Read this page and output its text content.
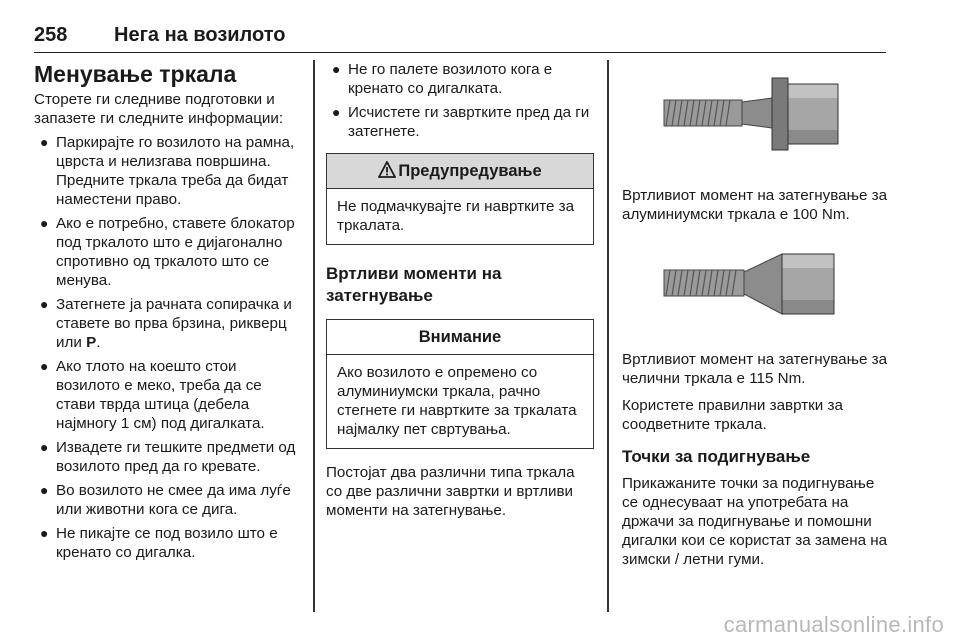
258 Нега на возилото
Менување тркала

Сторете ги следниве подготовки и запазете ги следните информации:

● Паркирајте го возилото на рамна, цврста и нелизгава површина. Предните тркала треба да бидат наместени право.
● Ако е потребно, ставете блокатор под тркалото што е дијагонално спротивно од тркалото што се менува.
● Затегнете ја рачната сопирачка и ставете во прва брзина, рикверц или P.
● Ако тлото на коешто стои возилото е меко, треба да се стави тврда штица (дебела најмногу 1 см) под дигалката.
● Извадете ги тешките предмети од возилото пред да го кревате.
● Во возилото не смее да има луѓе или животни кога се дига.
● Не пикајте се под возило што е кренато со дигалка.
● Не го палете возилото кога е кренато со дигалката.
● Исчистете ги завртките пред да ги затегнете.
Предупредување
Не подмачкувајте ги навртките за тркалата.
Вртливи моменти на затегнување
Внимание
Ако возилото е опремено со алуминиумски тркала, рачно стегнете ги навртките за тркалата најмалку пет свртувања.

Постојат два различни типа тркала со две различни завртки и вртливи моменти на затегнување.

Вртливиот момент на затегнување за алуминиумски тркала е 100 Nm.

Вртливиот момент на затегнување за челични тркала е 115 Nm.

Користете правилни завртки за соодветните тркала.

Точки за подигнување

Прикажаните точки за подигнување се однесуваат на употребата на држачи за подигнување и помошни дигалки кои се користат за замена на зимски / летни гуми.

carmanualsonline.info
